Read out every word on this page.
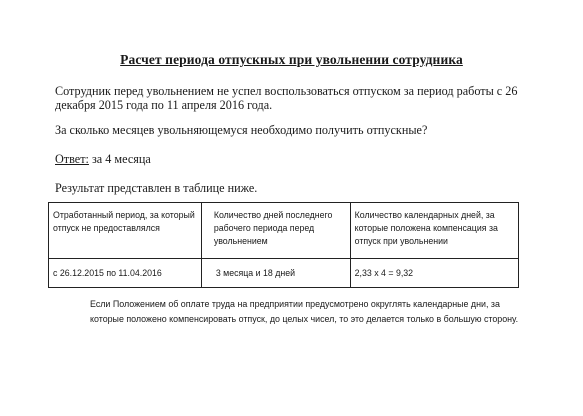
Расчет периода отпускных при увольнении сотрудника
Сотрудник перед увольнением не успел воспользоваться отпуском за период работы с 26 декабря 2015 года по 11 апреля 2016 года.
За сколько месяцев увольняющемуся необходимо получить отпускные?
Ответ: за 4 месяца
Результат представлен в таблице ниже.
Отработанный период, за который отпуск не предоставлялся	Количество дней последнего рабочего периода перед увольнением	Количество календарных дней, за которые положена компенсация за отпуск при увольнении
с 26.12.2015 по 11.04.2016	3 месяца и 18 дней	2,33 x 4 = 9,32
Если Положением об оплате труда на предприятии предусмотрено округлять календарные дни, за которые положено компенсировать отпуск, до целых чисел, то это делается только в большую сторону.
